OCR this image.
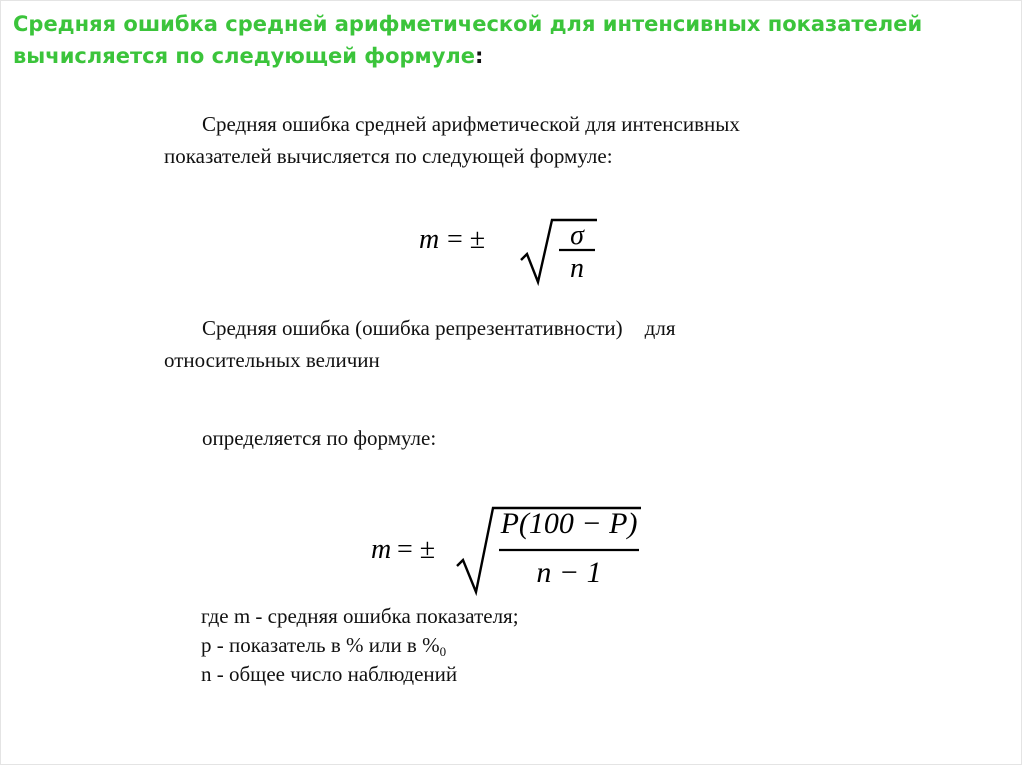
Средняя ошибка средней арифметической для интенсивных показателей вычисляется по следующей формуле:

Средняя ошибка средней арифметической для интенсивных показателей вычисляется по следующей формуле:

m = ±	σ
n

Средняя ошибка (ошибка репрезентативности) для
относительных величин

определяется по формуле:

m = ±
P(100 − P)
n − 1

где m - средняя ошибка показателя;

р - показатель в % или в $\%_0$

n - общее число наблюдений
